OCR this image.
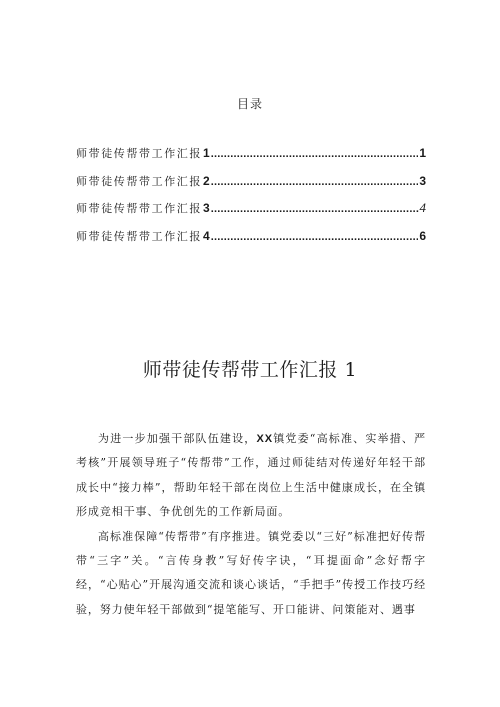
目录
师带徒传帮带工作汇报 1 .....	1
师带徒传帮带工作汇报 2 .....	3
师带徒传帮带工作汇报 3 .....	4
师带徒传帮带工作汇报 4 .....	6
师带徒传帮带工作汇报 1

为进一步加强干部队伍建设，XX镇党委“高标准、实举措、严考核”开展领导班子“传帮带”工作，通过师徒结对传递好年轻干部成长中“接力棒”，帮助年轻干部在岗位上生活中健康成长，在全镇形成竞相干事、争优创先的工作新局面。

高标准保障“传帮带”有序推进。镇党委以“三好”标准把好传帮带“三字”关。“言传身教”写好传字诀，“耳提面命”念好帮字经，“心贴心”开展沟通交流和谈心谈话，“手把手”传授工作技巧经验，努力使年轻干部做到“提笔能写、开口能讲、问策能对、遇事
